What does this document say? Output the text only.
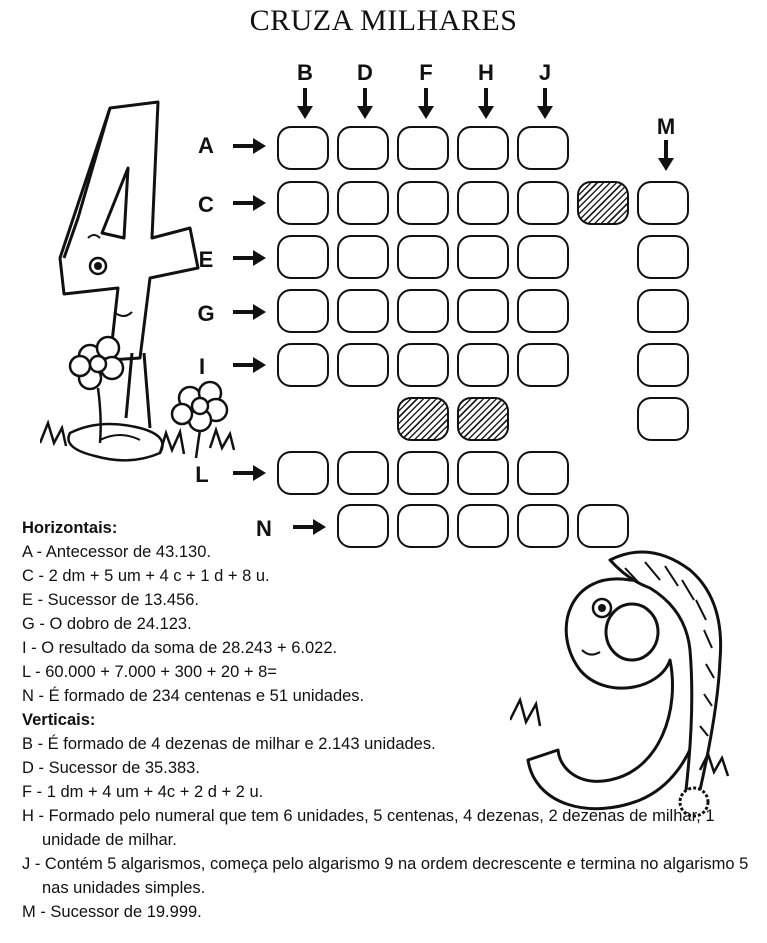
CRUZA MILHARES
B	D	F	H	J
M
A
C
E
G
I
L
N
Horizontais:
A - Antecessor de 43.130.
C - 2 dm + 5 um + 4 c + 1 d + 8 u.
E - Sucessor de 13.456.
G - O dobro de 24.123.
I - O resultado da soma de 28.243 + 6.022.
L - 60.000 + 7.000 + 300 + 20 + 8=
N - É formado de 234 centenas e 51 unidades.
Verticais:
B - É formado de 4 dezenas de milhar e 2.143 unidades.
D - Sucessor de 35.383.
F - 1 dm + 4 um + 4c + 2 d + 2 u.
H - Formado pelo numeral que tem 6 unidades, 5 centenas, 4 dezenas, 2 dezenas de milhar, 1 unidade de milhar.
J - Contém 5 algarismos, começa pelo algarismo 9 na ordem decrescente e termina no algarismo 5 nas unidades simples.
M - Sucessor de 19.999.
